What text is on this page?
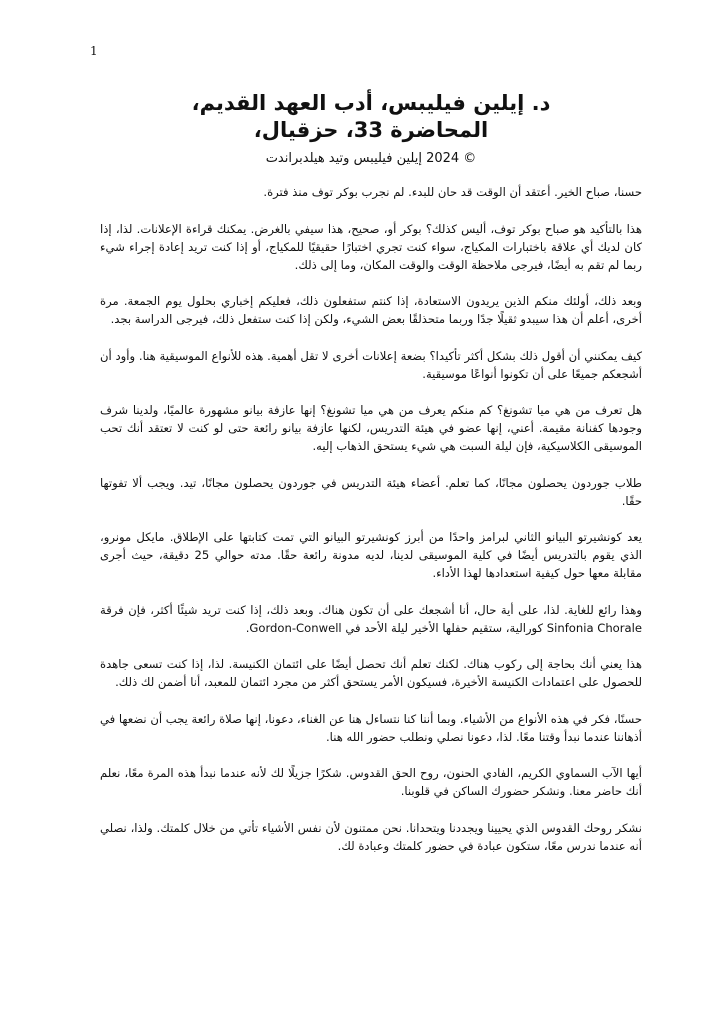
1
د. إيلين فيليبس، أدب العهد القديم،
المحاضرة 33، حزقيال،
© 2024 إيلين فيليبس وتيد هيلدبراندت

حسنا، صباح الخير. أعتقد أن الوقت قد حان للبدء. لم نجرب بوكر توف منذ فترة.

هذا بالتأكيد هو صباح بوكر توف، أليس كذلك؟ بوكر أو، صحيح، هذا سيفي بالغرض. يمكنك قراءة الإعلانات. لذا، إذا كان لديك أي علاقة باختبارات المكياج، سواء كنت تجري اختبارًا حقيقيًا للمكياج، أو إذا كنت تريد إعادة إجراء شيء ربما لم تقم به أيضًا، فيرجى ملاحظة الوقت والوقت المكان، وما إلى ذلك.

وبعد ذلك، أولئك منكم الذين يريدون الاستعادة، إذا كنتم ستفعلون ذلك، فعليكم إخباري بحلول يوم الجمعة. مرة أخرى، أعلم أن هذا سيبدو ثقيلًا جدًا وربما متحذلقًا بعض الشيء، ولكن إذا كنت ستفعل ذلك، فيرجى الدراسة بجد.

كيف يمكنني أن أقول ذلك بشكل أكثر تأكيدا؟ بضعة إعلانات أخرى لا تقل أهمية. هذه للأنواع الموسيقية هنا. وأود أن أشجعكم جميعًا على أن تكونوا أنواعًا موسيقية.

هل تعرف من هي ميا تشونغ؟ كم منكم يعرف من هي ميا تشونغ؟ إنها عازفة بيانو مشهورة عالميًا، ولدينا شرف وجودها كفنانة مقيمة. أعني، إنها عضو في هيئة التدريس، لكنها عازفة بيانو رائعة حتى لو كنت لا تعتقد أنك تحب الموسيقى الكلاسيكية، فإن ليلة السبت هي شيء يستحق الذهاب إليه.

طلاب جوردون يحصلون مجانًا، كما تعلم. أعضاء هيئة التدريس في جوردون يحصلون مجانًا، تيد. ويجب ألا تفوتها حقًا.

يعد كونشيرتو البيانو الثاني لبرامز واحدًا من أبرز كونشيرتو البيانو التي تمت كتابتها على الإطلاق. مايكل مونرو، الذي يقوم بالتدريس أيضًا في كلية الموسيقى لدينا، لديه مدونة رائعة حقًا. مدته حوالي 25 دقيقة، حيث أجرى مقابلة معها حول كيفية استعدادها لهذا الأداء.

وهذا رائع للغاية. لذا، على أية حال، أنا أشجعك على أن تكون هناك. وبعد ذلك، إذا كنت تريد شيئًا أكثر، فإن فرقة Sinfonia Chorale كورالية، ستقيم حفلها الأخير ليلة الأحد في Gordon-Conwell.

هذا يعني أنك بحاجة إلى ركوب هناك. لكنك تعلم أنك تحصل أيضًا على ائتمان الكنيسة. لذا، إذا كنت تسعى جاهدة للحصول على اعتمادات الكنيسة الأخيرة، فسيكون الأمر يستحق أكثر من مجرد ائتمان للمعبد، أنا أضمن لك ذلك.

حسنًا، فكر في هذه الأنواع من الأشياء. وبما أننا كنا نتساءل هنا عن الغناء، دعونا، إنها صلاة رائعة يجب أن نضعها في أذهاننا عندما نبدأ وقتنا معًا. لذا، دعونا نصلي ونطلب حضور الله هنا.

أيها الآب السماوي الكريم، الفادي الحنون، روح الحق القدوس. شكرًا جزيلًا لك لأنه عندما نبدأ هذه المرة معًا، نعلم أنك حاضر معنا. ونشكر حضورك الساكن في قلوبنا.

نشكر روحك القدوس الذي يحيينا ويجددنا ويتحدانا. نحن ممتنون لأن نفس الأشياء تأتي من خلال كلمتك. ولذا، نصلي أنه عندما ندرس معًا، ستكون عبادة في حضور كلمتك وعبادة لك.
